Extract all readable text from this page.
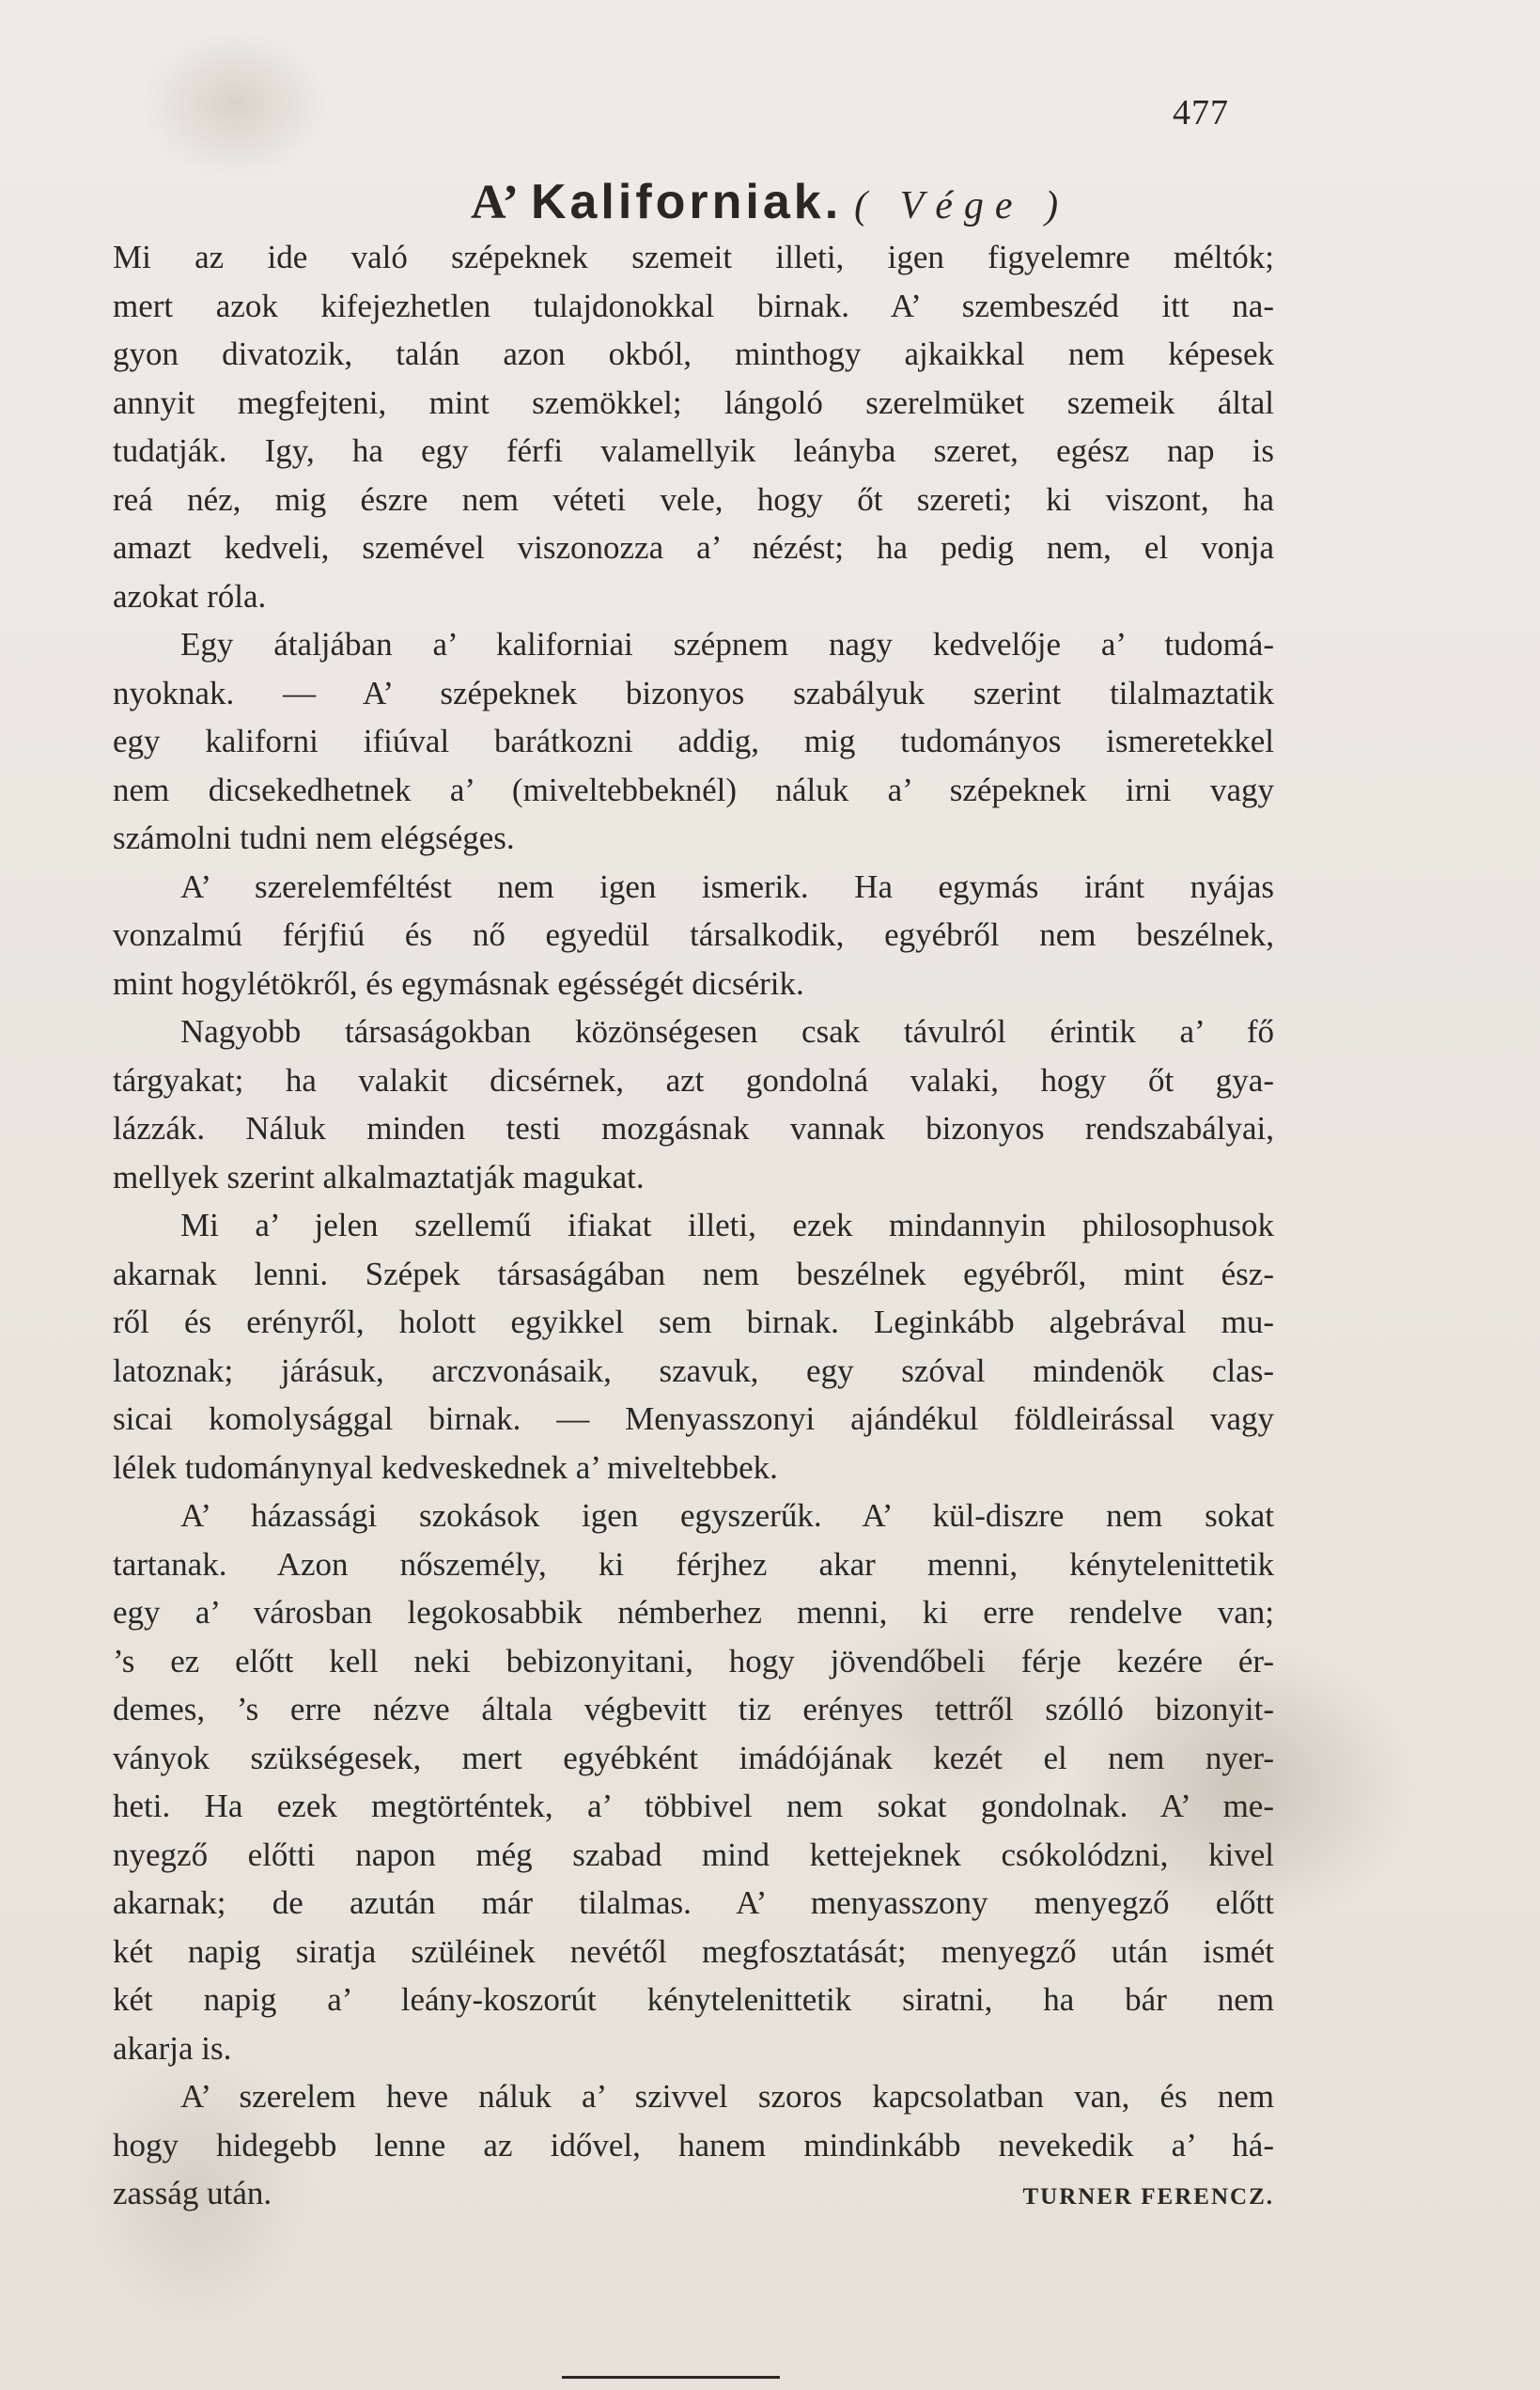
477
A’ Kaliforniak. ( Vége )
Mi az ide való szépeknek szemeit illeti, igen figyelemre méltók;
mert azok kifejezhetlen tulajdonokkal birnak. A’ szembeszéd itt na-
gyon divatozik, talán azon okból, minthogy ajkaikkal nem képesek
annyit megfejteni, mint szemökkel; lángoló szerelmüket szemeik által
tudatják. Igy, ha egy férfi valamellyik leányba szeret, egész nap is
reá néz, mig észre nem véteti vele, hogy őt szereti; ki viszont, ha
amazt kedveli, szemével viszonozza a’ nézést; ha pedig nem, el vonja
azokat róla.
Egy átaljában a’ kaliforniai szépnem nagy kedvelője a’ tudomá-
nyoknak. — A’ szépeknek bizonyos szabályuk szerint tilalmaztatik
egy kaliforni ifiúval barátkozni addig, mig tudományos ismeretekkel
nem dicsekedhetnek a’ (miveltebbeknél) náluk a’ szépeknek irni vagy
számolni tudni nem elégséges.
A’ szerelemféltést nem igen ismerik. Ha egymás iránt nyájas
vonzalmú férjfiú és nő egyedül társalkodik, egyébről nem beszélnek,
mint hogylétökről, és egymásnak egésségét dicsérik.
Nagyobb társaságokban közönségesen csak távulról érintik a’ fő
tárgyakat; ha valakit dicsérnek, azt gondolná valaki, hogy őt gya-
lázzák. Náluk minden testi mozgásnak vannak bizonyos rendszabályai,
mellyek szerint alkalmaztatják magukat.
Mi a’ jelen szellemű ifiakat illeti, ezek mindannyin philosophusok
akarnak lenni. Szépek társaságában nem beszélnek egyébről, mint ész-
ről és erényről, holott egyikkel sem birnak. Leginkább algebrával mu-
latoznak; járásuk, arczvonásaik, szavuk, egy szóval mindenök clas-
sicai komolysággal birnak. — Menyasszonyi ajándékul földleirással vagy
lélek tudománynyal kedveskednek a’ miveltebbek.
A’ házassági szokások igen egyszerűk. A’ kül-diszre nem sokat
tartanak. Azon nőszemély, ki férjhez akar menni, kénytelenittetik
egy a’ városban legokosabbik némberhez menni, ki erre rendelve van;
’s ez előtt kell neki bebizonyitani, hogy jövendőbeli férje kezére ér-
demes, ’s erre nézve általa végbevitt tiz erényes tettről szólló bizonyit-
ványok szükségesek, mert egyébként imádójának kezét el nem nyer-
heti. Ha ezek megtörténtek, a’ többivel nem sokat gondolnak. A’ me-
nyegző előtti napon még szabad mind kettejeknek csókolódzni, kivel
akarnak; de azután már tilalmas. A’ menyasszony menyegző előtt
két napig siratja szüléinek nevétől megfosztatását; menyegző után ismét
két napig a’ leány-koszorút kénytelenittetik siratni, ha bár nem
akarja is.
A’ szerelem heve náluk a’ szivvel szoros kapcsolatban van, és nem
hogy hidegebb lenne az idővel, hanem mindinkább nevekedik a’ há-
zasság után.	TURNER FERENCZ.
